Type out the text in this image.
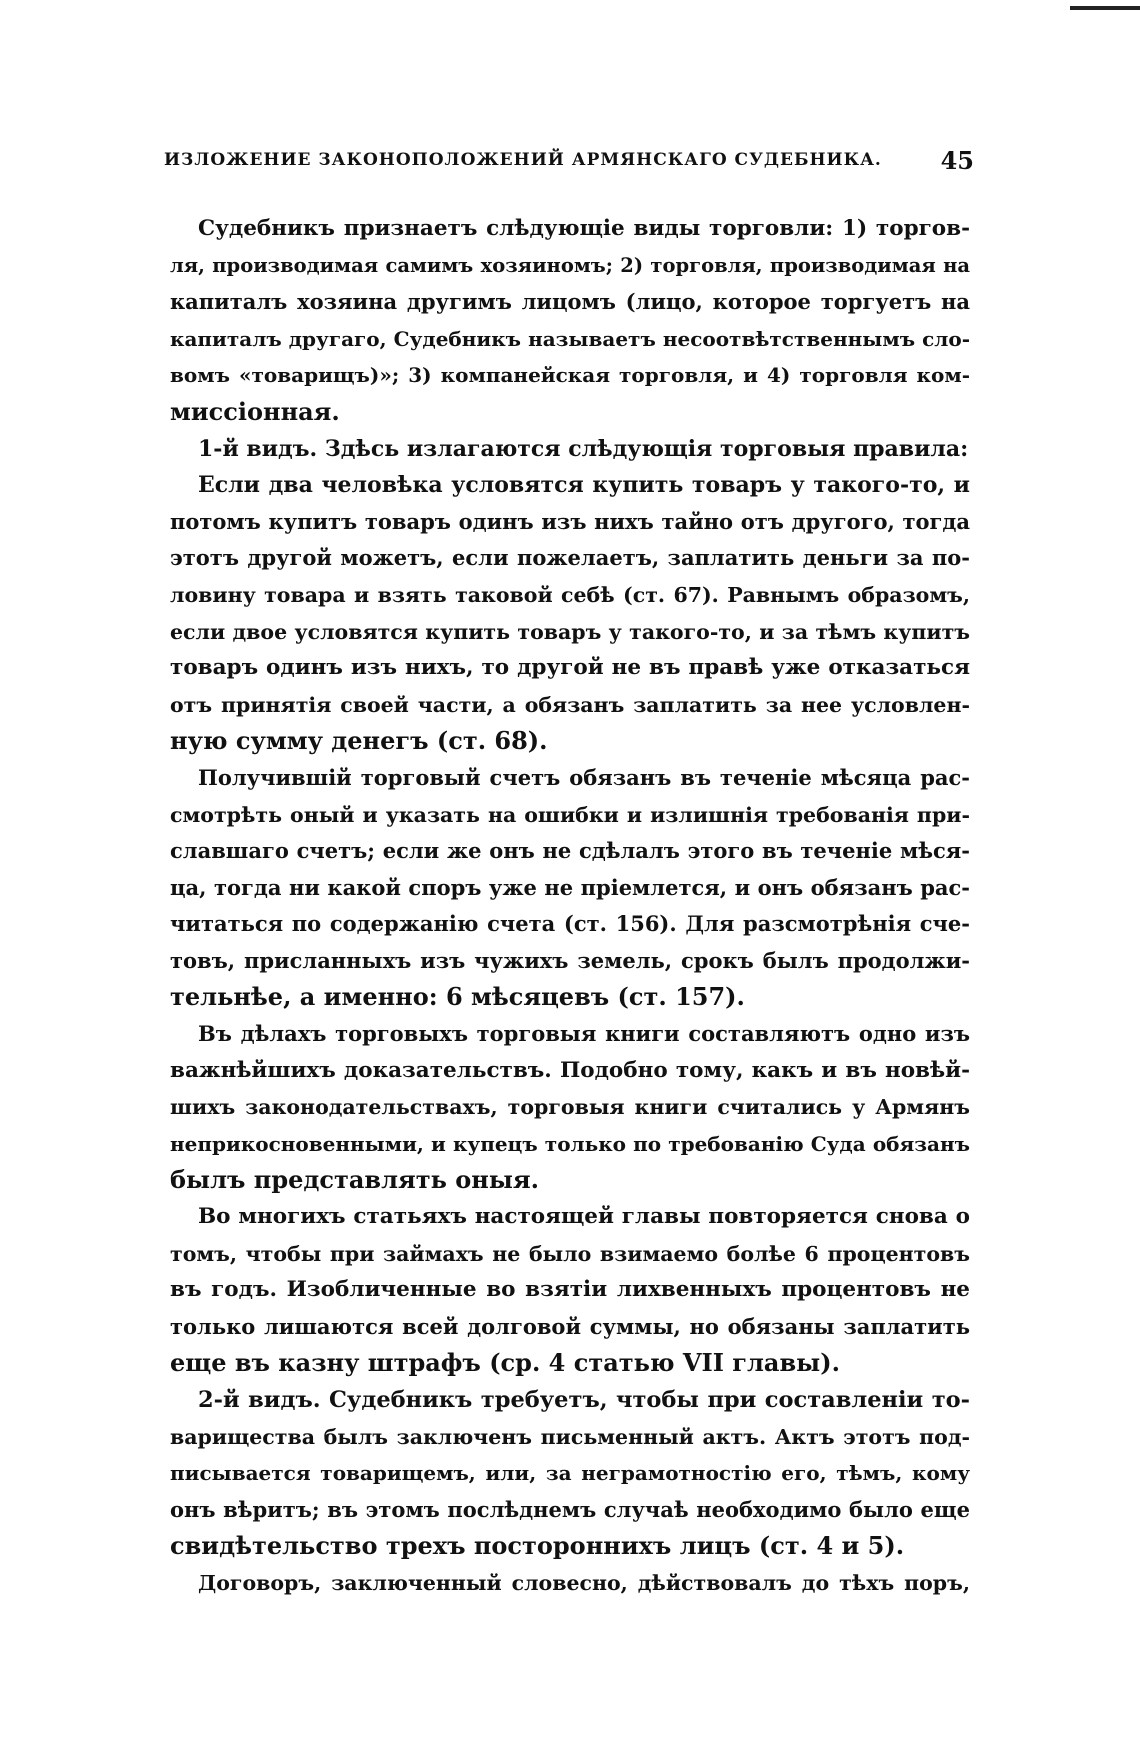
ИЗЛОЖЕНИЕ ЗАКОНОПОЛОЖЕНИЙ АРМЯНСКАГО СУДЕБНИКА. 45
Судебникъ признаетъ слѣдующіе виды торговли: 1) торгов-
ля, производимая самимъ хозяиномъ; 2) торговля, производимая на
капиталъ хозяина другимъ лицомъ (лицо, которое торгуетъ на
капиталъ другаго, Судебникъ называетъ несоотвѣтственнымъ сло-
вомъ «товарищъ)»; 3) компанейская торговля, и 4) торговля ком-
миссіонная.
1-й видъ. Здѣсь излагаются слѣдующія торговыя правила:
Если два человѣка условятся купить товаръ у такого-то, и
потомъ купитъ товаръ одинъ изъ нихъ тайно отъ другого, тогда
этотъ другой можетъ, если пожелаетъ, заплатить деньги за по-
ловину товара и взять таковой себѣ (ст. 67). Равнымъ образомъ,
если двое условятся купить товаръ у такого-то, и за тѣмъ купитъ
товаръ одинъ изъ нихъ, то другой не въ правѣ уже отказаться
отъ принятія своей части, а обязанъ заплатить за нее условлен-
ную сумму денегъ (ст. 68).
Получившій торговый счетъ обязанъ въ теченіе мѣсяца рас-
смотрѣть оный и указать на ошибки и излишнія требованія при-
славшаго счетъ; если же онъ не сдѣлалъ этого въ теченіе мѣся-
ца, тогда ни какой споръ уже не пріемлется, и онъ обязанъ рас-
читаться по содержанію счета (ст. 156). Для разсмотрѣнія сче-
товъ, присланныхъ изъ чужихъ земель, срокъ былъ продолжи-
тельнѣе, а именно: 6 мѣсяцевъ (ст. 157).
Въ дѣлахъ торговыхъ торговыя книги составляютъ одно изъ
важнѣйшихъ доказательствъ. Подобно тому, какъ и въ новѣй-
шихъ законодательствахъ, торговыя книги считались у Армянъ
неприкосновенными, и купецъ только по требованію Суда обязанъ
былъ представлять оныя.
Во многихъ статьяхъ настоящей главы повторяется снова о
томъ, чтобы при займахъ не было взимаемо болѣе 6 процентовъ
въ годъ. Изобличенные во взятіи лихвенныхъ процентовъ не
только лишаются всей долговой суммы, но обязаны заплатить
еще въ казну штрафъ (ср. 4 статью VII главы).
2-й видъ. Судебникъ требуетъ, чтобы при составленіи то-
варищества былъ заключенъ письменный актъ. Актъ этотъ под-
писывается товарищемъ, или, за неграмотностію его, тѣмъ, кому
онъ вѣритъ; въ этомъ послѣднемъ случаѣ необходимо было еще
свидѣтельство трехъ постороннихъ лицъ (ст. 4 и 5).
Договоръ, заключенный словесно, дѣйствовалъ до тѣхъ поръ,
